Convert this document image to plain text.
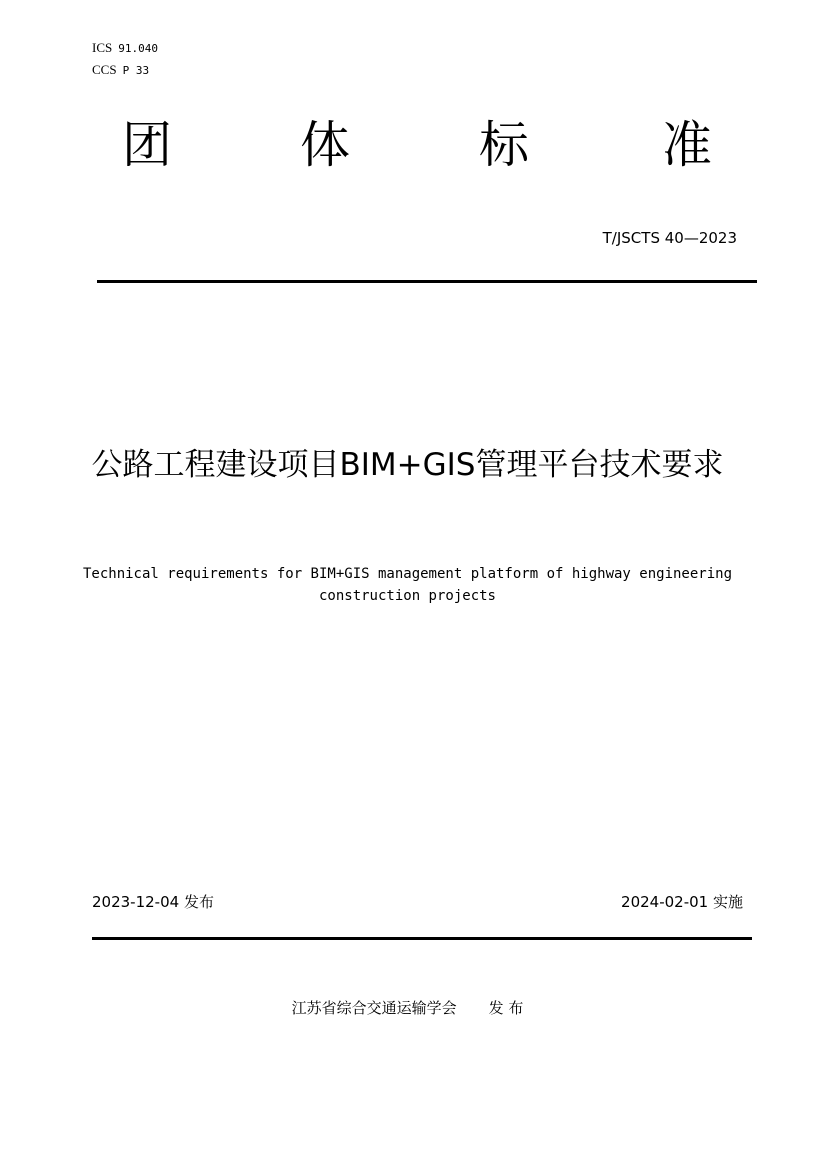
ICS 91.040
CCS P 33
团	体	标	准
T/JSCTS 40—2023
公路工程建设项目BIM+GIS管理平台技术要求
Technical requirements for BIM+GIS management platform of highway engineering construction projects
2023-12-04 发布	2024-02-01 实施
江苏省综合交通运输学会 发 布
